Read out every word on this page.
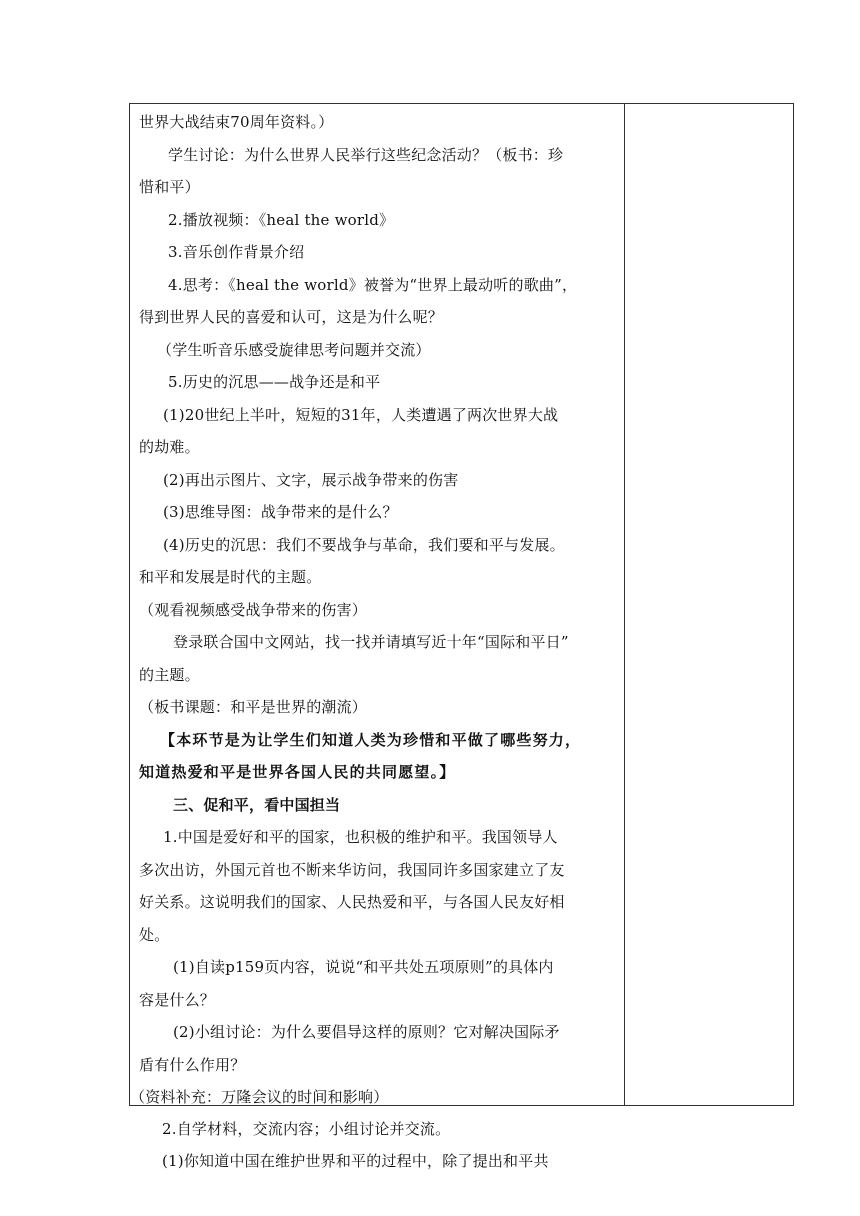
世界大战结束70周年资料。）
学生讨论：为什么世界人民举行这些纪念活动？（板书：珍
惜和平）
2.播放视频：《heal the world》
3.音乐创作背景介绍
4.思考：《heal the world》被誉为“世界上最动听的歌曲”，
得到世界人民的喜爱和认可，这是为什么呢？
（学生听音乐感受旋律思考问题并交流）
5.历史的沉思——战争还是和平
(1)20世纪上半叶，短短的31年，人类遭遇了两次世界大战
的劫难。
(2)再出示图片、文字，展示战争带来的伤害
(3)思维导图：战争带来的是什么？
(4)历史的沉思：我们不要战争与革命，我们要和平与发展。
和平和发展是时代的主题。
（观看视频感受战争带来的伤害）
登录联合国中文网站，找一找并请填写近十年“国际和平日”
的主题。
（板书课题：和平是世界的潮流）
【本环节是为让学生们知道人类为珍惜和平做了哪些努力，
知道热爱和平是世界各国人民的共同愿望。】
三、促和平，看中国担当
1.中国是爱好和平的国家，也积极的维护和平。我国领导人
多次出访，外国元首也不断来华访问，我国同许多国家建立了友
好关系。这说明我们的国家、人民热爱和平，与各国人民友好相
处。
(1)自读p159页内容，说说“和平共处五项原则”的具体内
容是什么？
(2)小组讨论：为什么要倡导这样的原则？它对解决国际矛
盾有什么作用？
（资料补充：万隆会议的时间和影响）
2.自学材料，交流内容；小组讨论并交流。
(1)你知道中国在维护世界和平的过程中，除了提出和平共
